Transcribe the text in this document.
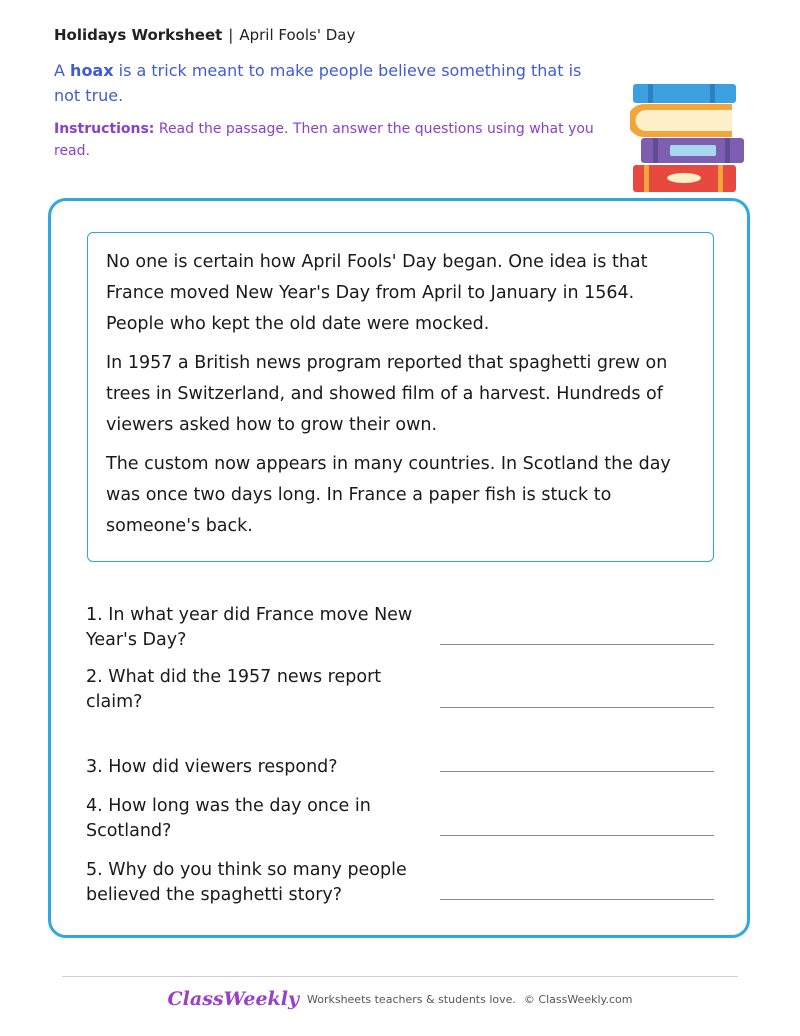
Holidays Worksheet | April Fools' Day
A hoax is a trick meant to make people believe something that is not true.
Instructions: Read the passage. Then answer the questions using what you read.

No one is certain how April Fools' Day began. One idea is that France moved New Year's Day from April to January in 1564. People who kept the old date were mocked.

In 1957 a British news program reported that spaghetti grew on trees in Switzerland, and showed film of a harvest. Hundreds of viewers asked how to grow their own.

The custom now appears in many countries. In Scotland the day was once two days long. In France a paper fish is stuck to someone's back.

1. In what year did France move New Year's Day?
2. What did the 1957 news report claim?
3. How did viewers respond?
4. How long was the day once in Scotland?
5. Why do you think so many people believed the spaghetti story?
ClassWeekly Worksheets teachers & students love. © ClassWeekly.com
